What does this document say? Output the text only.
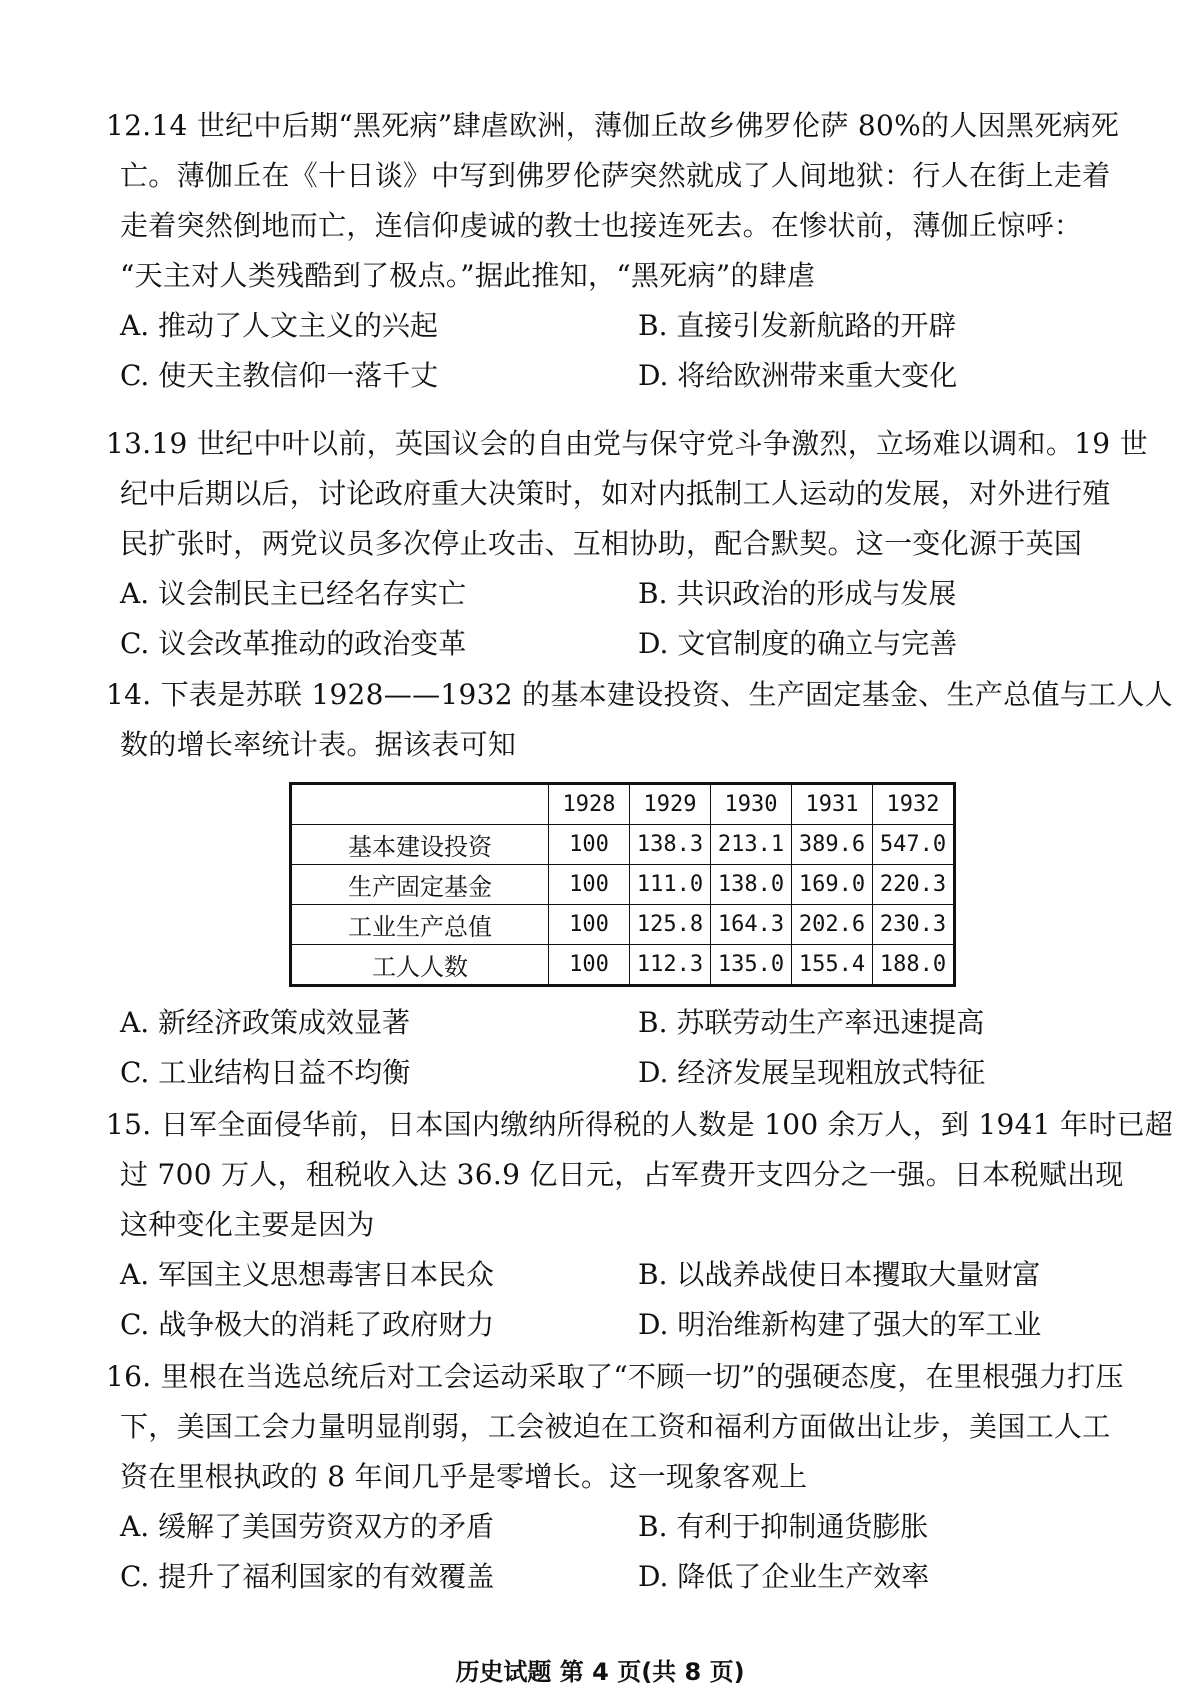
12.14 世纪中后期“黑死病”肆虐欧洲，薄伽丘故乡佛罗伦萨 80%的人因黑死病死
亡。薄伽丘在《十日谈》中写到佛罗伦萨突然就成了人间地狱：行人在街上走着
走着突然倒地而亡，连信仰虔诚的教士也接连死去。在惨状前，薄伽丘惊呼：
“天主对人类残酷到了极点。”据此推知，“黑死病”的肆虐
A. 推动了人文主义的兴起	B. 直接引发新航路的开辟
C. 使天主教信仰一落千丈	D. 将给欧洲带来重大变化
13.19 世纪中叶以前，英国议会的自由党与保守党斗争激烈，立场难以调和。19 世
纪中后期以后，讨论政府重大决策时，如对内抵制工人运动的发展，对外进行殖
民扩张时，两党议员多次停止攻击、互相协助，配合默契。这一变化源于英国
A. 议会制民主已经名存实亡	B. 共识政治的形成与发展
C. 议会改革推动的政治变革	D. 文官制度的确立与完善
14. 下表是苏联 1928——1932 的基本建设投资、生产固定基金、生产总值与工人人
数的增长率统计表。据该表可知
	1928	1929	1930	1931	1932
基本建设投资	100	138.3	213.1	389.6	547.0
生产固定基金	100	111.0	138.0	169.0	220.3
工业生产总值	100	125.8	164.3	202.6	230.3
工人人数	100	112.3	135.0	155.4	188.0
A. 新经济政策成效显著	B. 苏联劳动生产率迅速提高
C. 工业结构日益不均衡	D. 经济发展呈现粗放式特征
15. 日军全面侵华前，日本国内缴纳所得税的人数是 100 余万人，到 1941 年时已超
过 700 万人，租税收入达 36.9 亿日元，占军费开支四分之一强。日本税赋出现
这种变化主要是因为
A. 军国主义思想毒害日本民众	B. 以战养战使日本攫取大量财富
C. 战争极大的消耗了政府财力	D. 明治维新构建了强大的军工业
16. 里根在当选总统后对工会运动采取了“不顾一切”的强硬态度，在里根强力打压
下，美国工会力量明显削弱，工会被迫在工资和福利方面做出让步，美国工人工
资在里根执政的 8 年间几乎是零增长。这一现象客观上
A. 缓解了美国劳资双方的矛盾	B. 有利于抑制通货膨胀
C. 提升了福利国家的有效覆盖	D. 降低了企业生产效率
历史试题 第 4 页(共 8 页)
